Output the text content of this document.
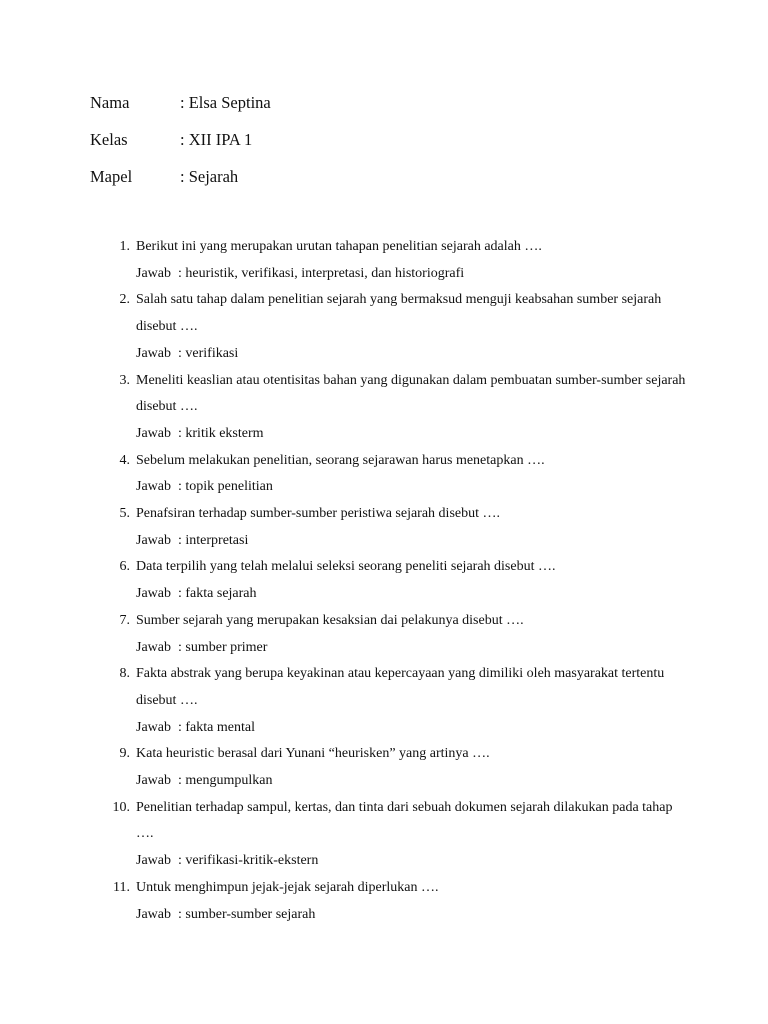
Nama	: Elsa Septina
Kelas	: XII IPA 1
Mapel	: Sejarah
1. Berikut ini yang merupakan urutan tahapan penelitian sejarah adalah ….
Jawab : heuristik, verifikasi, interpretasi, dan historiografi
2. Salah satu tahap dalam penelitian sejarah yang bermaksud menguji keabsahan sumber sejarah disebut ….
Jawab : verifikasi
3. Meneliti keaslian atau otentisitas bahan yang digunakan dalam pembuatan sumber-sumber sejarah disebut ….
Jawab : kritik eksterm
4. Sebelum melakukan penelitian, seorang sejarawan harus menetapkan ….
Jawab : topik penelitian
5. Penafsiran terhadap sumber-sumber peristiwa sejarah disebut ….
Jawab : interpretasi
6. Data terpilih yang telah melalui seleksi seorang peneliti sejarah disebut ….
Jawab : fakta sejarah
7. Sumber sejarah yang merupakan kesaksian dai pelakunya disebut ….
Jawab : sumber primer
8. Fakta abstrak yang berupa keyakinan atau kepercayaan yang dimiliki oleh masyarakat tertentu disebut ….
Jawab : fakta mental
9. Kata heuristic berasal dari Yunani “heurisken” yang artinya ….
Jawab : mengumpulkan
10. Penelitian terhadap sampul, kertas, dan tinta dari sebuah dokumen sejarah dilakukan pada tahap ….
Jawab : verifikasi-kritik-ekstern
11. Untuk menghimpun jejak-jejak sejarah diperlukan ….
Jawab : sumber-sumber sejarah
